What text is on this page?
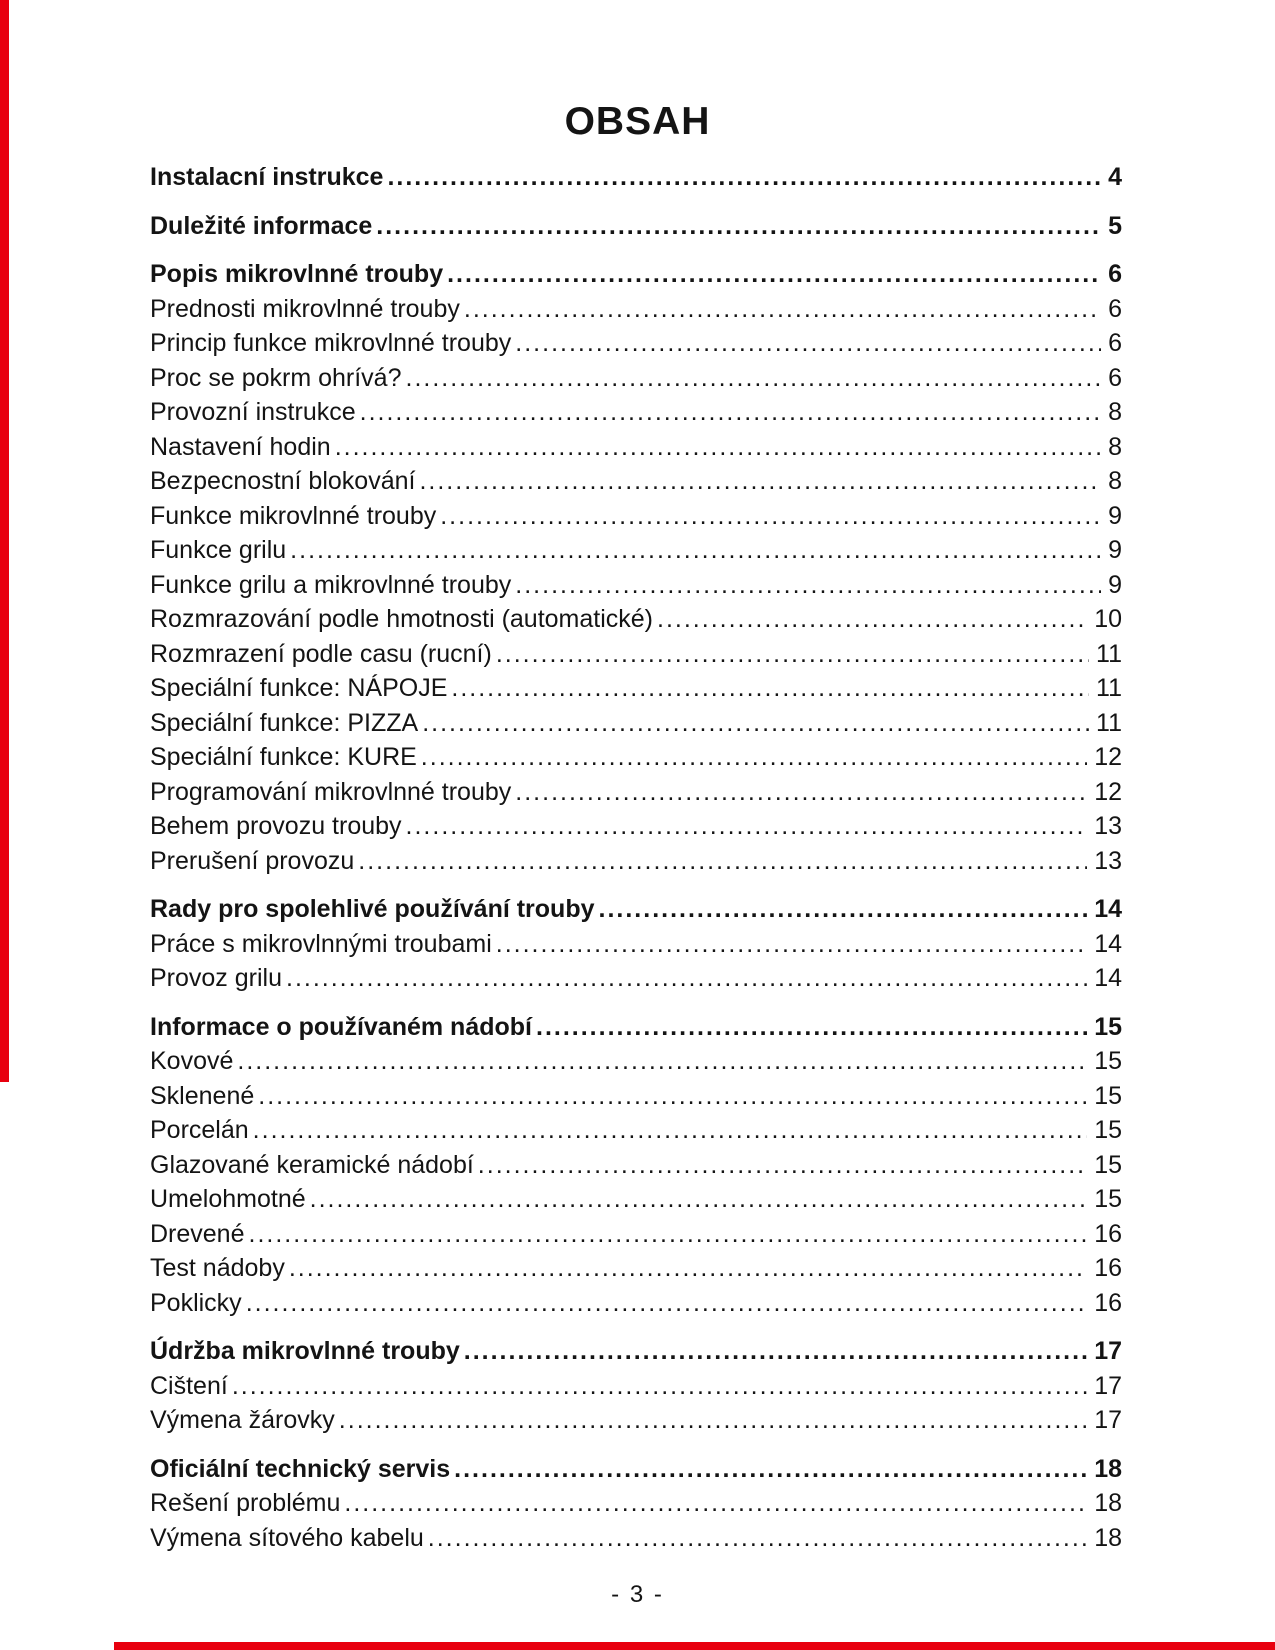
OBSAH
Instalacní instrukce .....	4
Duležité informace .....	5
Popis mikrovlnné trouby .....	6
Prednosti mikrovlnné trouby .....	6
Princip funkce mikrovlnné trouby .....	6
Proc se pokrm ohrívá? .....	6
Provozní instrukce .....	8
Nastavení hodin .....	8
Bezpecnostní blokování .....	8
Funkce mikrovlnné trouby .....	9
Funkce grilu .....	9
Funkce grilu a mikrovlnné trouby .....	9
Rozmrazování podle hmotnosti (automatické) .....	10
Rozmrazení podle casu (rucní) .....	11
Speciální funkce: NÁPOJE .....	11
Speciální funkce: PIZZA .....	11
Speciální funkce: KURE .....	12
Programování mikrovlnné trouby .....	12
Behem provozu trouby .....	13
Prerušení provozu .....	13
Rady pro spolehlivé používání trouby .....	14
Práce s mikrovlnnými troubami .....	14
Provoz grilu .....	14
Informace o používaném nádobí .....	15
Kovové .....	15
Sklenené .....	15
Porcelán .....	15
Glazované keramické nádobí .....	15
Umelohmotné .....	15
Drevené .....	16
Test nádoby .....	16
Poklicky .....	16
Údržba mikrovlnné trouby .....	17
Cištení .....	17
Výmena žárovky .....	17
Oficiální technický servis .....	18
Rešení problému .....	18
Výmena sítového kabelu .....	18
- 3 -
